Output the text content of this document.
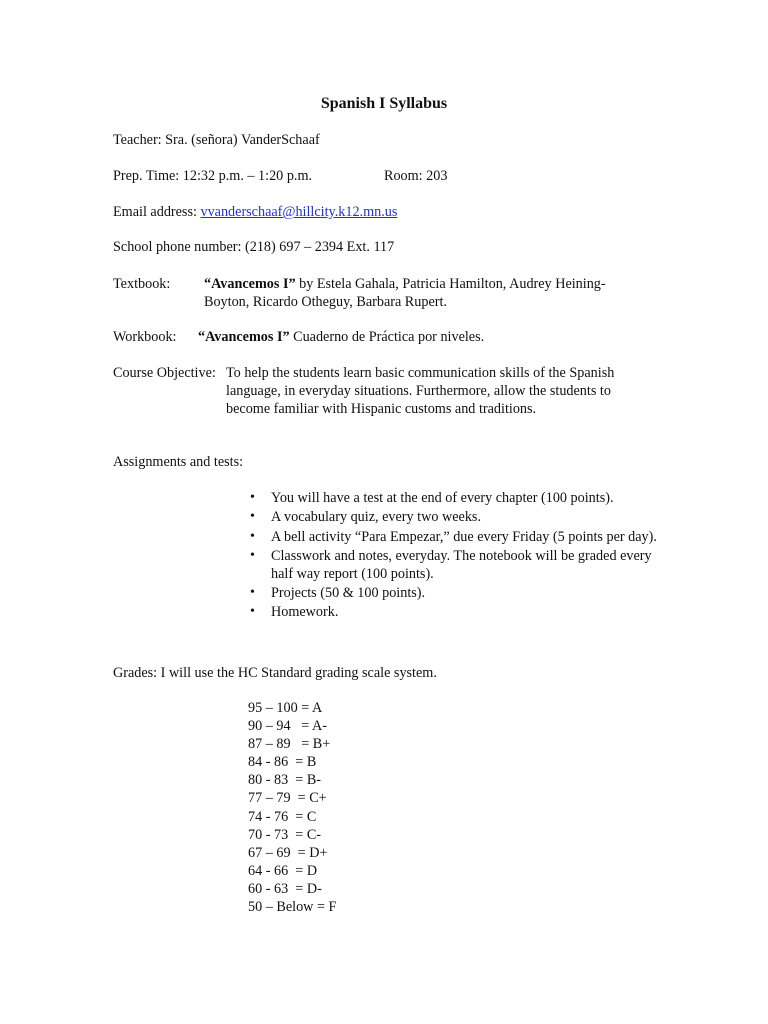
Spanish I Syllabus
Teacher: Sra. (señora) VanderSchaaf
Prep. Time: 12:32 p.m. – 1:20 p.m.	Room: 203
Email address: vvanderschaaf@hillcity.k12.mn.us
School phone number: (218) 697 – 2394 Ext. 117
Textbook: “Avancemos I” by Estela Gahala, Patricia Hamilton, Audrey Heining-
Boyton, Ricardo Otheguy, Barbara Rupert.
Workbook: “Avancemos I” Cuaderno de Práctica por niveles.
Course Objective: To help the students learn basic communication skills of the Spanish
language, in everyday situations. Furthermore, allow the students to
become familiar with Hispanic customs and traditions.
Assignments and tests:
• You will have a test at the end of every chapter (100 points).
• A vocabulary quiz, every two weeks.
• A bell activity “Para Empezar,” due every Friday (5 points per day).
• Classwork and notes, everyday. The notebook will be graded every half way report (100 points).
• Projects (50 & 100 points).
• Homework.
Grades: I will use the HC Standard grading scale system.
95 – 100 = A
90 – 94   = A-
87 – 89   = B+
84 - 86  = B
80 - 83  = B-
77 – 79  = C+
74 - 76  = C
70 - 73  = C-
67 – 69  = D+
64 - 66  = D
60 - 63  = D-
50 – Below = F
